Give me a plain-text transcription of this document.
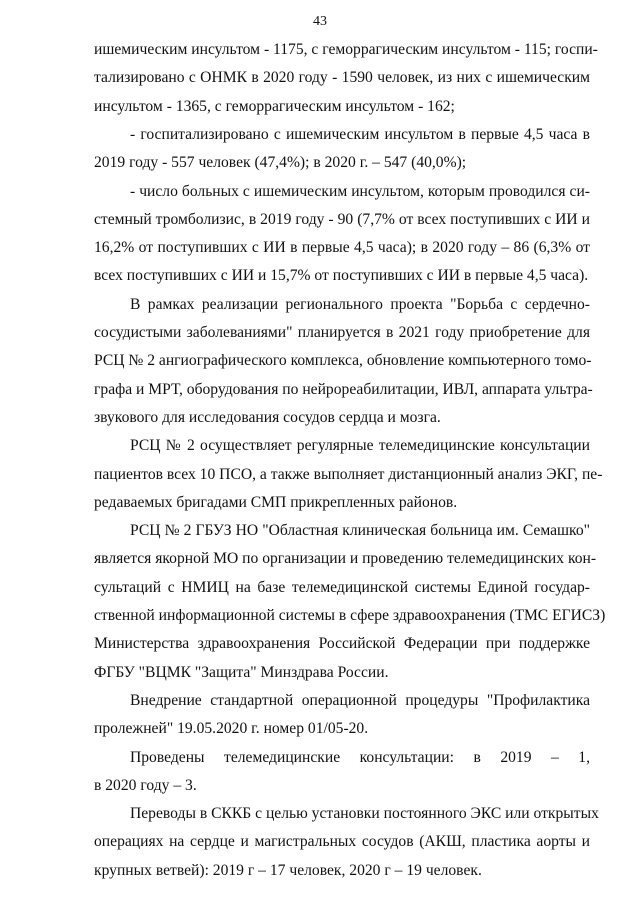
43
ишемическим инсультом - 1175, с геморрагическим инсультом - 115; госпи-
тализировано с ОНМК в 2020 году - 1590 человек, из них с ишемическим
инсультом - 1365, с геморрагическим инсультом - 162;
- госпитализировано с ишемическим инсультом в первые 4,5 часа в
2019 году - 557 человек (47,4%); в 2020 г. – 547 (40,0%);
- число больных с ишемическим инсультом, которым проводился си-
стемный тромболизис, в 2019 году - 90 (7,7% от всех поступивших с ИИ и
16,2% от поступивших с ИИ в первые 4,5 часа); в 2020 году – 86 (6,3% от
всех поступивших с ИИ и 15,7% от поступивших с ИИ в первые 4,5 часа).
В рамках реализации регионального проекта "Борьба с сердечно-
сосудистыми заболеваниями" планируется в 2021 году приобретение для
РСЦ № 2 ангиографического комплекса, обновление компьютерного томо-
графа и МРТ, оборудования по нейрореабилитации, ИВЛ, аппарата ультра-
звукового для исследования сосудов сердца и мозга.
РСЦ № 2 осуществляет регулярные телемедицинские консультации
пациентов всех 10 ПСО, а также выполняет дистанционный анализ ЭКГ, пе-
редаваемых бригадами СМП прикрепленных районов.
РСЦ № 2 ГБУЗ НО "Областная клиническая больница им. Семашко"
является якорной МО по организации и проведению телемедицинских кон-
сультаций с НМИЦ на базе телемедицинской системы Единой государ-
ственной информационной системы в сфере здравоохранения (ТМС ЕГИСЗ)
Министерства здравоохранения Российской Федерации при поддержке
ФГБУ "ВЦМК "Защита" Минздрава России.
Внедрение стандартной операционной процедуры "Профилактика
пролежней" 19.05.2020 г. номер 01/05-20.
Проведены телемедицинские консультации: в 2019 – 1,
в 2020 году – 3.
Переводы в СККБ с целью установки постоянного ЭКС или открытых
операциях на сердце и магистральных сосудов (АКШ, пластика аорты и
крупных ветвей): 2019 г – 17 человек, 2020 г – 19 человек.
